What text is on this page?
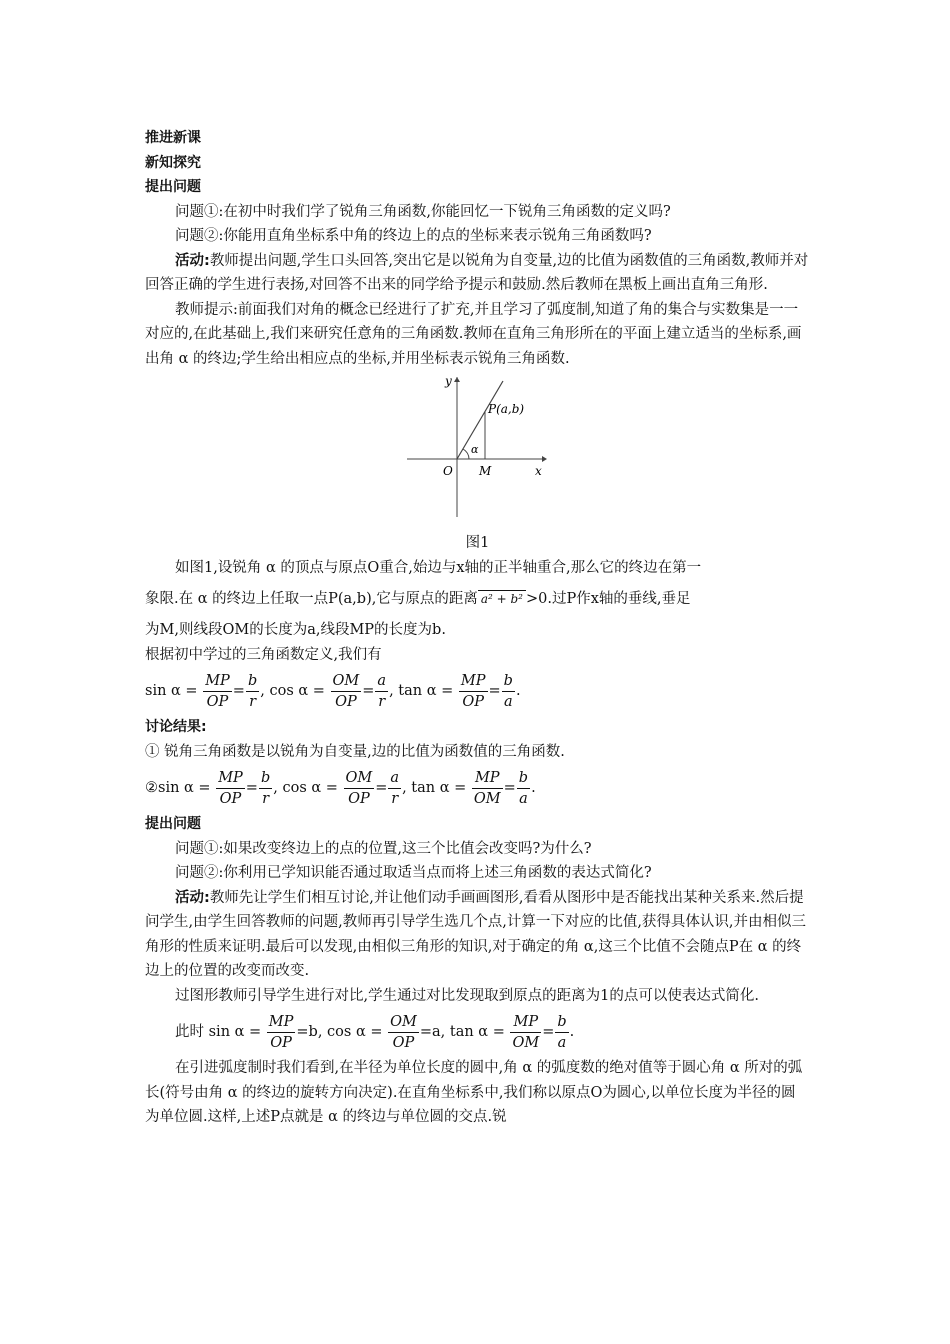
推进新课
新知探究
提出问题

问题①:在初中时我们学了锐角三角函数,你能回忆一下锐角三角函数的定义吗?

问题②:你能用直角坐标系中角的终边上的点的坐标来表示锐角三角函数吗?

活动:教师提出问题,学生口头回答,突出它是以锐角为自变量,边的比值为函数值的三角函数,教师并对回答正确的学生进行表扬,对回答不出来的同学给予提示和鼓励.然后教师在黑板上画出直角三角形.

教师提示:前面我们对角的概念已经进行了扩充,并且学习了弧度制,知道了角的集合与实数集是一一对应的,在此基础上,我们来研究任意角的三角函数.教师在直角三角形所在的平面上建立适当的坐标系,画出角 α 的终边;学生给出相应点的坐标,并用坐标表示锐角三角函数.

y
x
O M
P(a,b)
α
图1

如图1,设锐角 α 的顶点与原点O重合,始边与x轴的正半轴重合,那么它的终边在第一

象限.在 α 的终边上任取一点P(a,b),它与原点的距离 a² + b² >0.过P作x轴的垂线,垂足

为M,则线段OM的长度为a,线段MP的长度为b.

根据初中学过的三角函数定义,我们有

$\sin \alpha = \frac{MP}{OP} = \frac{b}{r}$ , $\cos \alpha = \frac{OM}{OP} = \frac{a}{r}$ , $\tan \alpha = \frac{MP}{OP} = \frac{b}{a}$ .
讨论结果:

① 锐角三角函数是以锐角为自变量,边的比值为函数值的三角函数.

②sin $\alpha = \frac{MP}{OP} = \frac{b}{r}$ , $\cos \alpha = \frac{OM}{OP} = \frac{a}{r}$ , $\tan \alpha = \frac{MP}{OM} = \frac{b}{a}$ .
提出问题

问题①:如果改变终边上的点的位置,这三个比值会改变吗?为什么?

问题②:你利用已学知识能否通过取适当点而将上述三角函数的表达式简化?

活动:教师先让学生们相互讨论,并让他们动手画画图形,看看从图形中是否能找出某种关系来.然后提问学生,由学生回答教师的问题,教师再引导学生选几个点,计算一下对应的比值,获得具体认识,并由相似三角形的性质来证明.最后可以发现,由相似三角形的知识,对于确定的角 α,这三个比值不会随点P在 α 的终边上的位置的改变而改变.

过图形教师引导学生进行对比,学生通过对比发现取到原点的距离为1的点可以使表达式简化.

此时 $\sin \alpha = \frac{MP}{OP} =b$, $\cos \alpha = \frac{OM}{OP} =a$, $\tan \alpha = \frac{MP}{OM} = \frac{b}{a}$ .

在引进弧度制时我们看到,在半径为单位长度的圆中,角 α 的弧度数的绝对值等于圆心角 α 所对的弧长(符号由角 α 的终边的旋转方向决定).在直角坐标系中,我们称以原点O为圆心,以单位长度为半径的圆为单位圆.这样,上述P点就是 α 的终边与单位圆的交点.锐
